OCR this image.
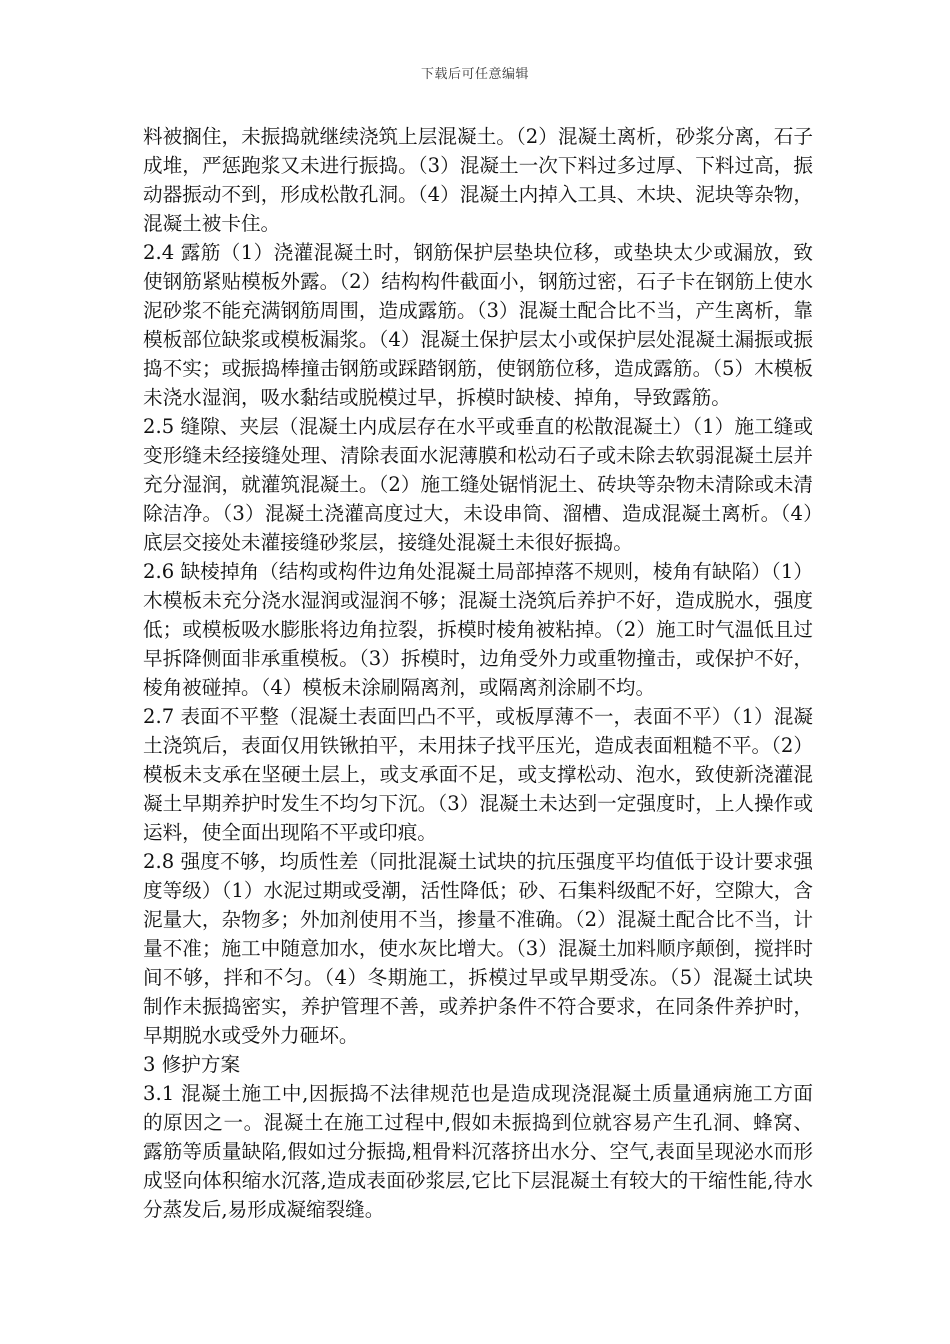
下载后可任意编辑

料被搁住，未振捣就继续浇筑上层混凝土。（2）混凝土离析，砂浆分离，石子成堆，严惩跑浆又未进行振捣。（3）混凝土一次下料过多过厚、下料过高，振动器振动不到，形成松散孔洞。（4）混凝土内掉入工具、木块、泥块等杂物，混凝土被卡住。

2.4 露筋（1）浇灌混凝土时，钢筋保护层垫块位移，或垫块太少或漏放，致使钢筋紧贴模板外露。（2）结构构件截面小，钢筋过密，石子卡在钢筋上使水泥砂浆不能充满钢筋周围，造成露筋。（3）混凝土配合比不当，产生离析，靠模板部位缺浆或模板漏浆。（4）混凝土保护层太小或保护层处混凝土漏振或振捣不实；或振捣棒撞击钢筋或踩踏钢筋，使钢筋位移，造成露筋。（5）木模板未浇水湿润，吸水黏结或脱模过早，拆模时缺棱、掉角，导致露筋。

2.5 缝隙、夹层（混凝土内成层存在水平或垂直的松散混凝土）（1）施工缝或变形缝未经接缝处理、清除表面水泥薄膜和松动石子或未除去软弱混凝土层并充分湿润，就灌筑混凝土。（2）施工缝处锯悄泥土、砖块等杂物未清除或未清除洁净。（3）混凝土浇灌高度过大，未设串筒、溜槽、造成混凝土离析。（4）底层交接处未灌接缝砂浆层，接缝处混凝土未很好振捣。

2.6 缺棱掉角（结构或构件边角处混凝土局部掉落不规则，棱角有缺陷）（1）木模板未充分浇水湿润或湿润不够；混凝土浇筑后养护不好，造成脱水，强度低；或模板吸水膨胀将边角拉裂，拆模时棱角被粘掉。（2）施工时气温低且过早拆降侧面非承重模板。（3）拆模时，边角受外力或重物撞击，或保护不好，棱角被碰掉。（4）模板未涂刷隔离剂，或隔离剂涂刷不均。

2.7 表面不平整（混凝土表面凹凸不平，或板厚薄不一，表面不平）（1）混凝土浇筑后，表面仅用铁锹拍平，未用抹子找平压光，造成表面粗糙不平。（2）模板未支承在坚硬土层上，或支承面不足，或支撑松动、泡水，致使新浇灌混凝土早期养护时发生不均匀下沉。（3）混凝土未达到一定强度时，上人操作或运料，使全面出现陷不平或印痕。

2.8 强度不够，均质性差（同批混凝土试块的抗压强度平均值低于设计要求强度等级）（1）水泥过期或受潮，活性降低；砂、石集料级配不好，空隙大，含泥量大，杂物多；外加剂使用不当，掺量不准确。（2）混凝土配合比不当，计量不准；施工中随意加水，使水灰比增大。（3）混凝土加料顺序颠倒，搅拌时间不够，拌和不匀。（4）冬期施工，拆模过早或早期受冻。（5）混凝土试块制作未振捣密实，养护管理不善，或养护条件不符合要求，在同条件养护时，早期脱水或受外力砸坏。

3 修护方案

3.1 混凝土施工中,因振捣不法律规范也是造成现浇混凝土质量通病施工方面的原因之一。混凝土在施工过程中,假如未振捣到位就容易产生孔洞、蜂窝、露筋等质量缺陷,假如过分振捣,粗骨料沉落挤出水分、空气,表面呈现泌水而形成竖向体积缩水沉落,造成表面砂浆层,它比下层混凝土有较大的干缩性能,待水分蒸发后,易形成凝缩裂缝。
